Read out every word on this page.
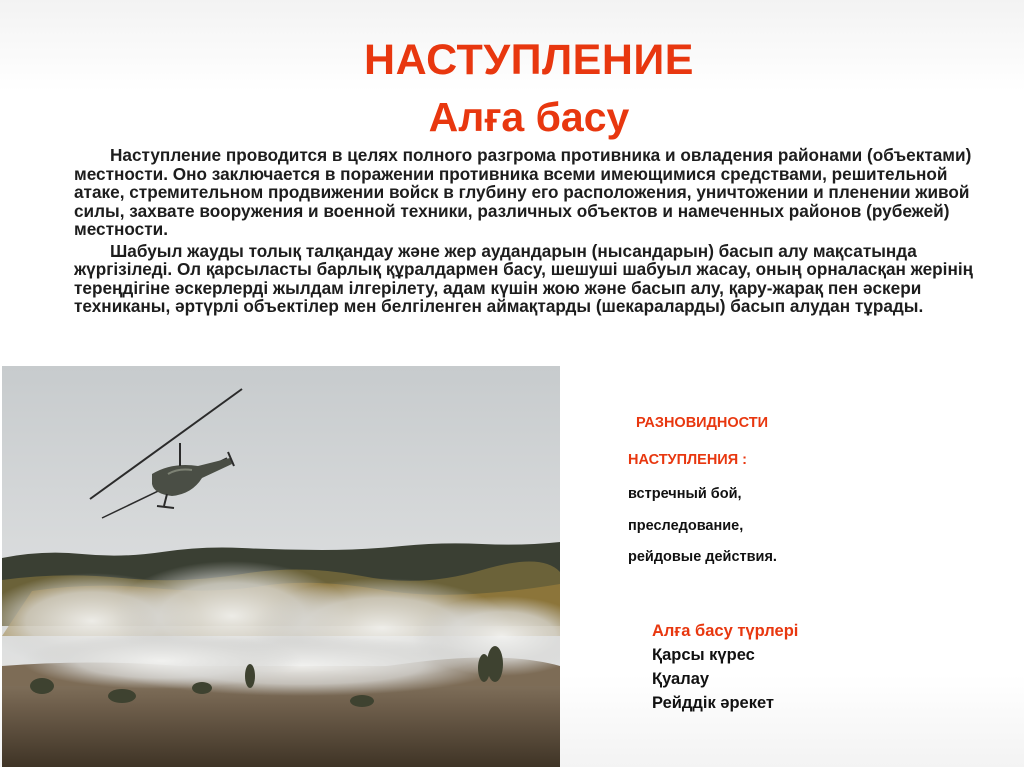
НАСТУПЛЕНИЕ
Алға басу

Наступление проводится в целях полного разгрома противника и овладения районами (объектами) местности. Оно заключается в поражении противника всеми имеющимися средствами, решительной атаке, стремительном продвижении войск в глубину его расположения, уничтожении и пленении живой силы, захвате вооружения и военной техники, различных объектов и намеченных районов (рубежей) местности.

Шабуыл жауды толық талқандау және жер аудандарын (нысандарын) басып алу мақсатында жүргізіледі. Ол қарсыласты барлық құралдармен басу, шешуші шабуыл жасау, оның орналасқан жерінің тереңдігіне әскерлерді жылдам ілгерілету, адам күшін жою және басып алу, қару-жарақ пен әскери техниканы, әртүрлі объектілер мен белгіленген аймақтарды (шекараларды) басып алудан тұрады.

РАЗНОВИДНОСТИ
НАСТУПЛЕНИЯ :
встречный бой,
преследование,
рейдовые действия.
Алға басу түрлері
Қарсы күрес
Қуалау
Рейддік әрекет
